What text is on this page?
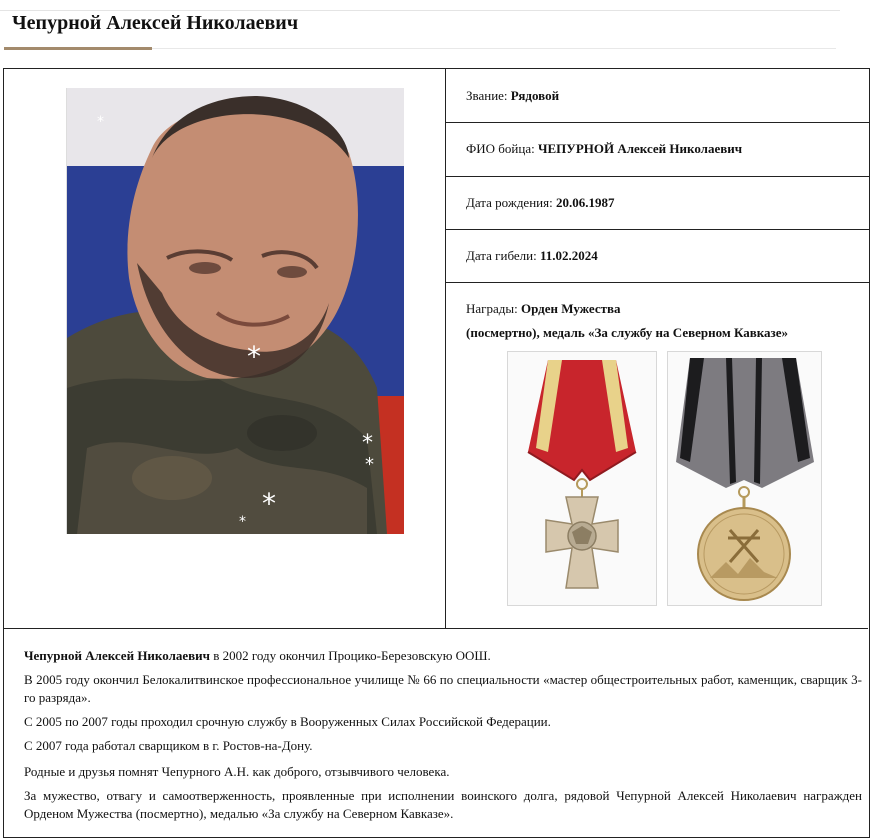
Чепурной Алексей Николаевич
*
*
*
*
*
*
Звание: Рядовой
ФИО бойца: ЧЕПУРНОЙ Алексей Николаевич
Дата рождения: 20.06.1987
Дата гибели: 11.02.2024
Награды: Орден Мужества
(посмертно), медаль «За службу на Северном Кавказе»

Чепурной Алексей Николаевич в 2002 году окончил Процико-Березовскую ООШ.

В 2005 году окончил Белокалитвинское профессиональное училище № 66 по специальности «мастер общестроительных работ, каменщик, сварщик 3-го разряда».

С 2005 по 2007 годы проходил срочную службу в Вооруженных Силах Российской Федерации.

С 2007 года работал сварщиком в г. Ростов-на-Дону.

Родные и друзья помнят Чепурного А.Н. как доброго, отзывчивого человека.

За мужество, отвагу и самоотверженность, проявленные при исполнении воинского долга, рядовой Чепурной Алексей Николаевич награжден Орденом Мужества (посмертно), медалью «За службу на Северном Кавказе».
